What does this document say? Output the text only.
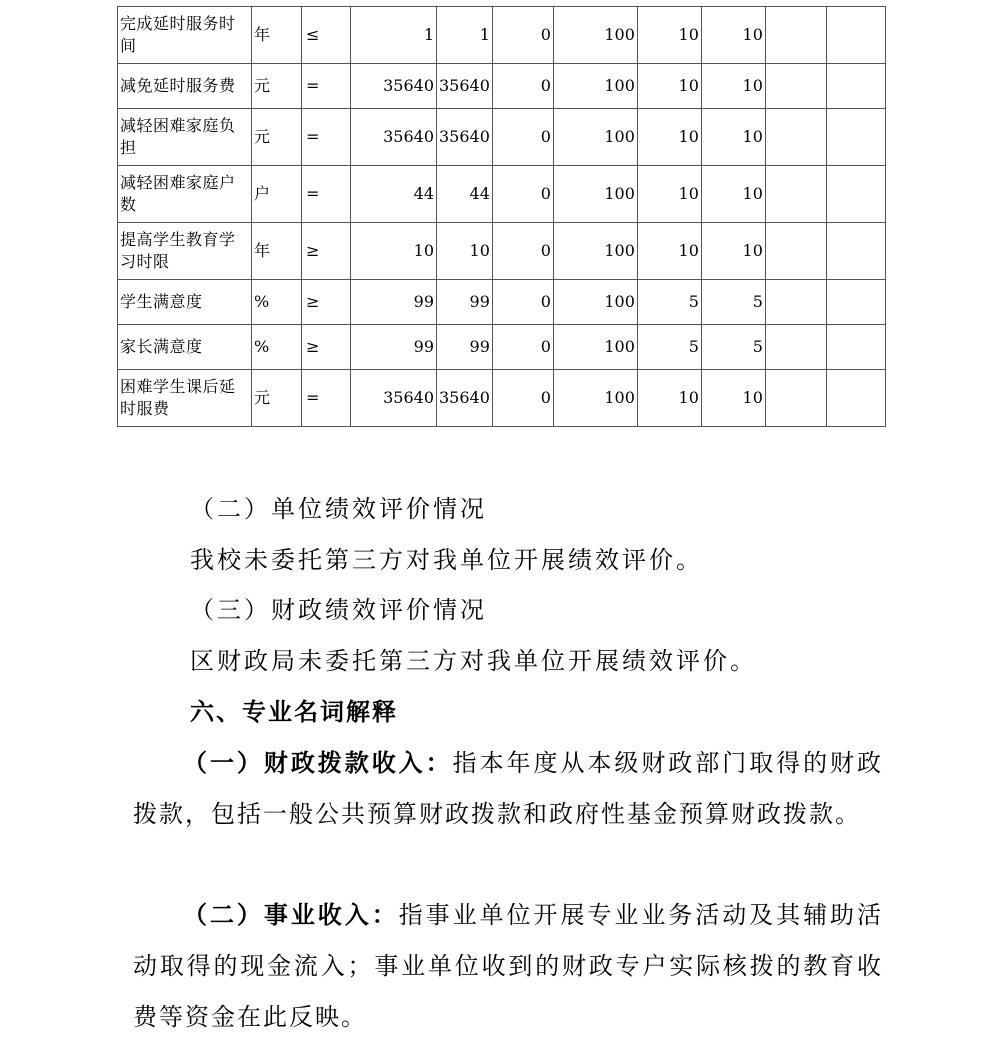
完成延时服务时间	年	≤	1	1	0	100	10	10		
减免延时服务费	元	=	35640	35640	0	100	10	10		
减轻困难家庭负担	元	=	35640	35640	0	100	10	10		
减轻困难家庭户数	户	=	44	44	0	100	10	10		
提高学生教育学习时限	年	≥	10	10	0	100	10	10		
学生满意度	%	≥	99	99	0	100	5	5		
家长满意度	%	≥	99	99	0	100	5	5		
困难学生课后延时服费	元	=	35640	35640	0	100	10	10		
（二）单位绩效评价情况
我校未委托第三方对我单位开展绩效评价。
（三）财政绩效评价情况
区财政局未委托第三方对我单位开展绩效评价。
六、专业名词解释
（一）财政拨款收入：指本年度从本级财政部门取得的财政拨款，包括一般公共预算财政拨款和政府性基金预算财政拨款。
（二）事业收入：指事业单位开展专业业务活动及其辅助活动取得的现金流入；事业单位收到的财政专户实际核拨的教育收费等资金在此反映。
